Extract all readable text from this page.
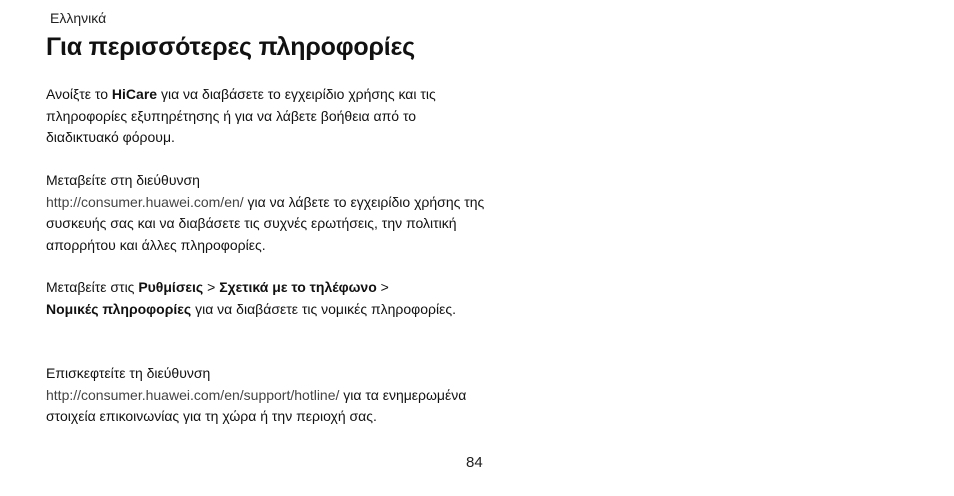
Ελληνικά
Για περισσότερες πληροφορίες

Ανοίξτε το HiCare για να διαβάσετε το εγχειρίδιο χρήσης και τις πληροφορίες εξυπηρέτησης ή για να λάβετε βοήθεια από το διαδικτυακό φόρουμ.

Μεταβείτε στη διεύθυνση
http://consumer.huawei.com/en/ για να λάβετε το εγχειρίδιο χρήσης της συσκευής σας και να διαβάσετε τις συχνές ερωτήσεις, την πολιτική απορρήτου και άλλες πληροφορίες.

Μεταβείτε στις Ρυθμίσεις > Σχετικά με το τηλέφωνο >
Νομικές πληροφορίες για να διαβάσετε τις νομικές πληροφορίες.

Επισκεφτείτε τη διεύθυνση
http://consumer.huawei.com/en/support/hotline/ για τα ενημερωμένα στοιχεία επικοινωνίας για τη χώρα ή την περιοχή σας.

84
